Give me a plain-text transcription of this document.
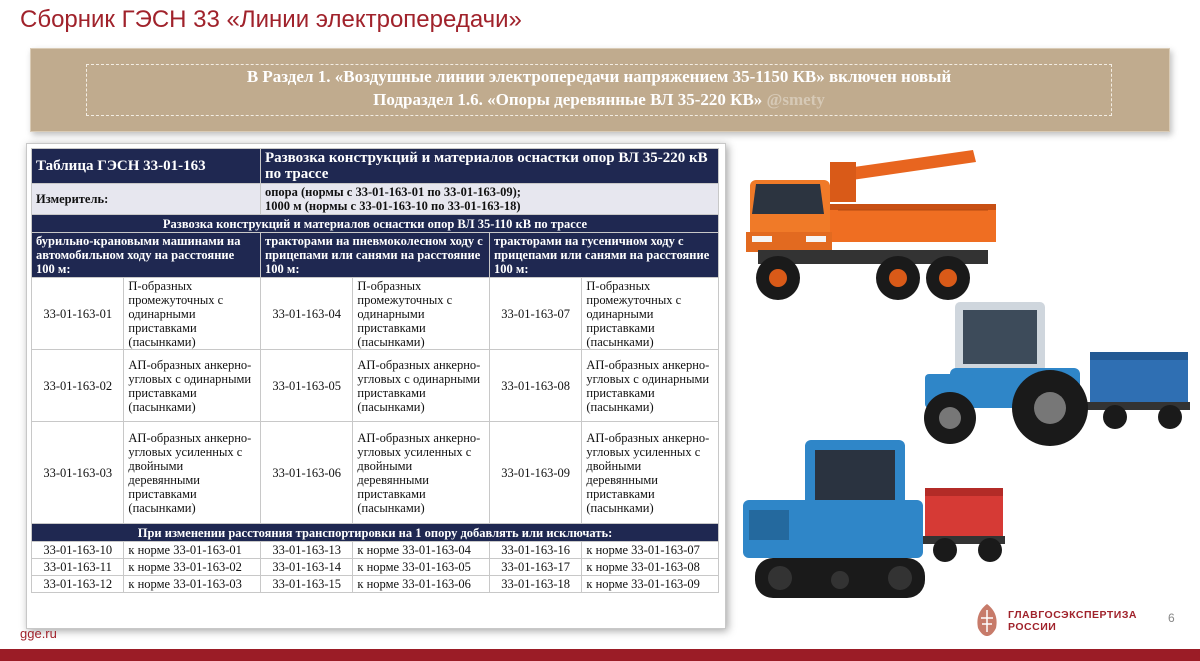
Сборник ГЭСН 33 «Линии электропередачи»
В Раздел 1. «Воздушные линии электропередачи напряжением 35-1150 КВ» включен новый
Подраздел 1.6. «Опоры деревянные ВЛ 35-220 КВ» @smety
Таблица ГЭСН 33-01-163		Развозка конструкций и материалов оснастки опор ВЛ 35-220 кВ по трассе			
Измеритель:		опора (нормы с 33-01-163-01 по 33-01-163-09);
1000 м (нормы с 33-01-163-10 по 33-01-163-18)			

Развозка конструкций и материалов оснастки опор ВЛ 35-110 кВ по трассе					
бурильно-крановыми машинами на автомобильном ходу на расстояние 100 м:		тракторами на пневмоколесном ходу с прицепами или санями на расстояние 100 м:		тракторами на гусеничном ходу с прицепами или санями на расстояние 100 м:	
33-01-163-01	П-образных промежуточных с одинарными приставками (пасынками)	33-01-163-04	П-образных промежуточных с одинарными приставками (пасынками)	33-01-163-07	П-образных промежуточных с одинарными приставками (пасынками)
33-01-163-02	АП-образных анкерно-угловых с одинарными приставками (пасынками)	33-01-163-05	АП-образных анкерно-угловых с одинарными приставками (пасынками)	33-01-163-08	АП-образных анкерно-угловых с одинарными приставками (пасынками)
33-01-163-03	АП-образных анкерно-угловых усиленных с двойными деревянными приставками (пасынками)	33-01-163-06	АП-образных анкерно-угловых усиленных с двойными деревянными приставками (пасынками)	33-01-163-09	АП-образных анкерно-угловых усиленных с двойными деревянными приставками (пасынками)
При изменении расстояния транспортировки на 1 опору добавлять или исключать:					
33-01-163-10	к норме 33-01-163-01	33-01-163-13	к норме 33-01-163-04	33-01-163-16	к норме 33-01-163-07
33-01-163-11	к норме 33-01-163-02	33-01-163-14	к норме 33-01-163-05	33-01-163-17	к норме 33-01-163-08
33-01-163-12	к норме 33-01-163-03	33-01-163-15	к норме 33-01-163-06	33-01-163-18	к норме 33-01-163-09
ГЛАВГОСЭКСПЕРТИЗА
РОССИИ
6
gge.ru
